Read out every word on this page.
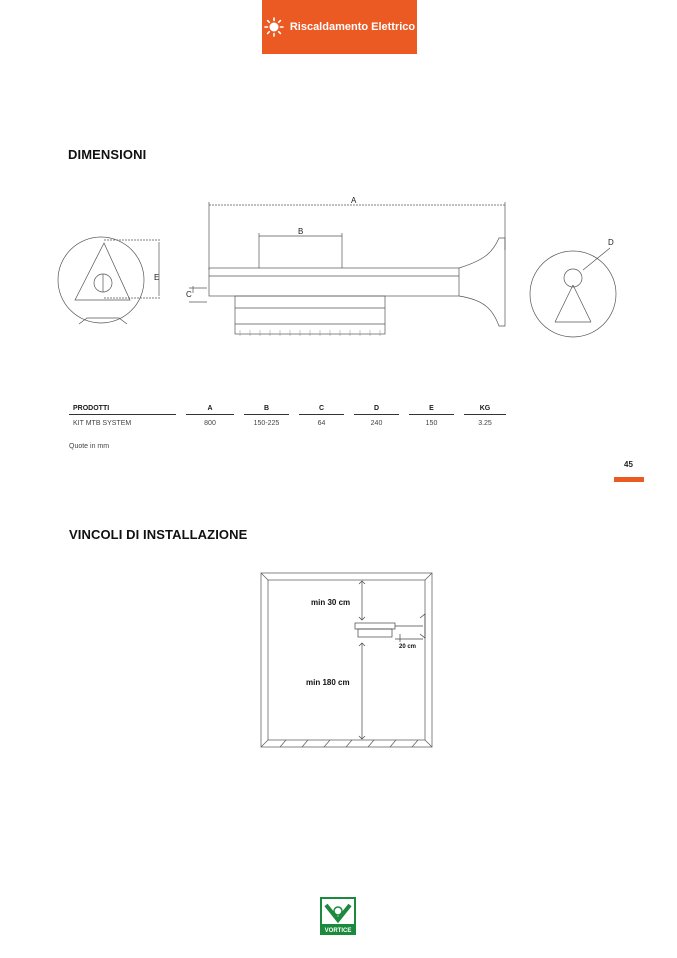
Riscaldamento Elettrico
DIMENSIONI
A
B
C
D
E
PRODOTTI		A		B		C		D		E		KG
KIT MTB SYSTEM		800		150-225		64		240		150		3.25
Quote in mm
45
VINCOLI DI INSTALLAZIONE
min 30 cm
20 cm
min 180 cm
VORTICE
